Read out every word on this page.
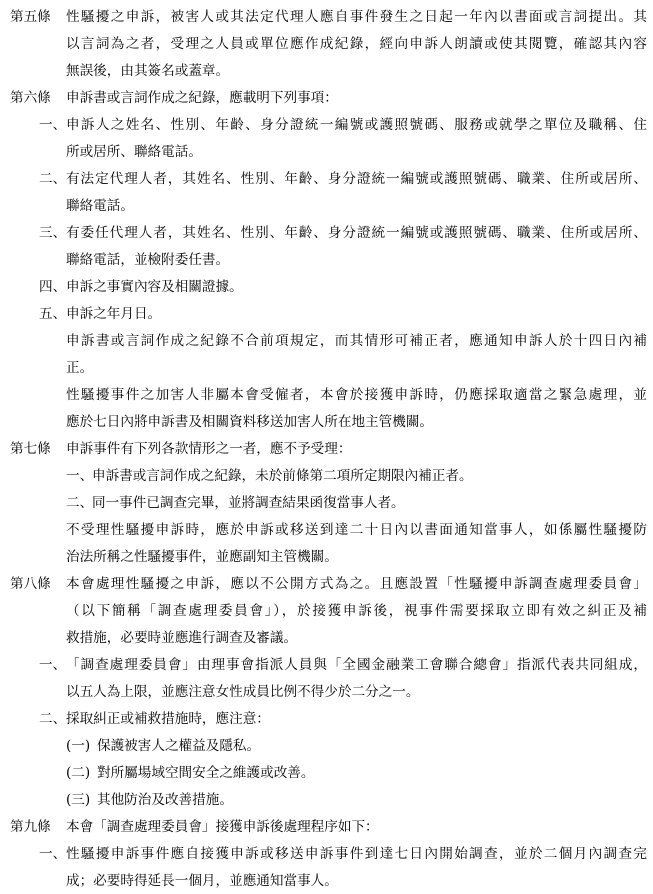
第五條 性騷擾之申訴，被害人或其法定代理人應自事件發生之日起一年內以書面或言詞提出。其
以言詞為之者，受理之人員或單位應作成紀錄，經向申訴人朗讀或使其閱覽，確認其內容
無誤後，由其簽名或蓋章。
第六條 申訴書或言詞作成之紀錄，應載明下列事項：
一、 申訴人之姓名、性別、年齡、身分證統一編號或護照號碼、服務或就學之單位及職稱、住
所或居所、聯絡電話。
二、 有法定代理人者，其姓名、性別、年齡、身分證統一編號或護照號碼、職業、住所或居所、
聯絡電話。
三、 有委任代理人者，其姓名、性別、年齡、身分證統一編號或護照號碼、職業、住所或居所、
聯絡電話，並檢附委任書。
四、 申訴之事實內容及相關證據。
五、 申訴之年月日。
申訴書或言詞作成之紀錄不合前項規定，而其情形可補正者，應通知申訴人於十四日內補
正。
性騷擾事件之加害人非屬本會受僱者，本會於接獲申訴時，仍應採取適當之緊急處理，並
應於七日內將申訴書及相關資料移送加害人所在地主管機關。
第七條 申訴事件有下列各款情形之一者，應不予受理：
一、
申訴書或言詞作成之紀錄，未於前條第二項所定期限內補正者。
二、
同一事件已調查完畢，並將調查結果函復當事人者。
不受理性騷擾申訴時，應於申訴或移送到達二十日內以書面通知當事人，如係屬性騷擾防
治法所稱之性騷擾事件，並應副知主管機關。
第八條 本會處理性騷擾之申訴，應以不公開方式為之。且應設置「性騷擾申訴調查處理委員會」
（以下簡稱「調查處理委員會」），於接獲申訴後，視事件需要採取立即有效之糾正及補
救措施，必要時並應進行調查及審議。
一、 「調查處理委員會」由理事會指派人員與「全國金融業工會聯合總會」指派代表共同組成，
以五人為上限，並應注意女性成員比例不得少於二分之一。
二、 採取糾正或補救措施時，應注意：
(一) 保護被害人之權益及隱私。
(二) 對所屬場域空間安全之維護或改善。
(三) 其他防治及改善措施。
第九條 本會「調查處理委員會」接獲申訴後處理程序如下：
一、 性騷擾申訴事件應自接獲申訴或移送申訴事件到達七日內開始調查，並於二個月內調查完
成；必要時得延長一個月，並應通知當事人。
